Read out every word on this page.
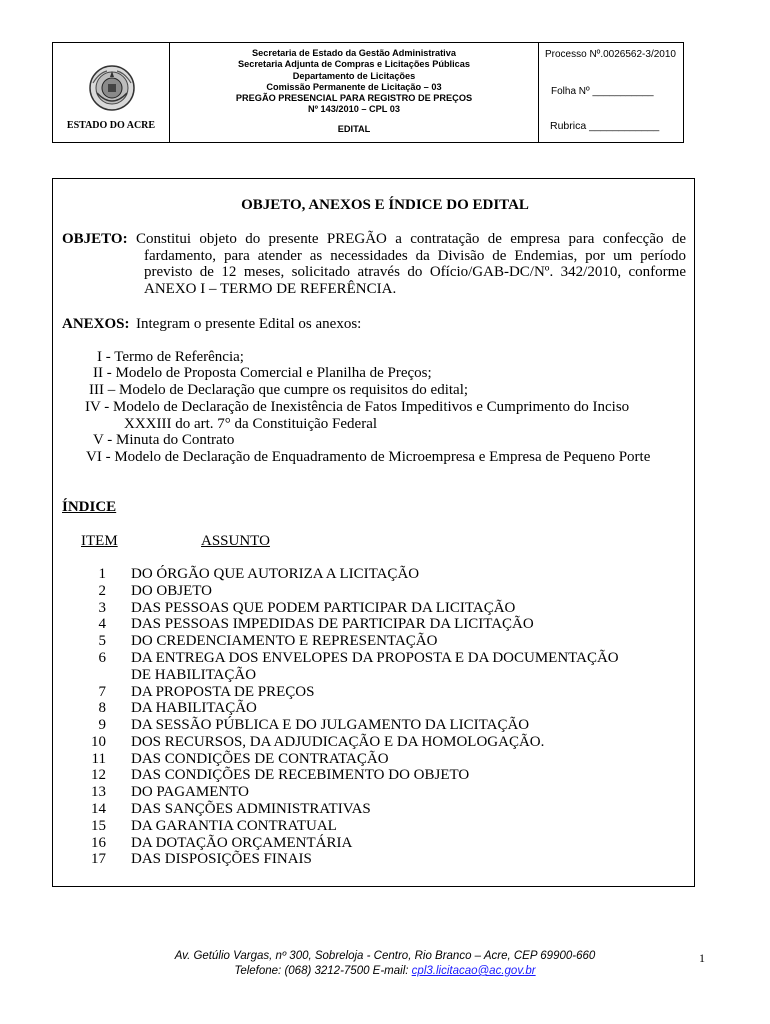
ESTADO DO ACRE
Secretaria de Estado da Gestão Administrativa
Secretaria Adjunta de Compras e Licitações Públicas
Departamento de Licitações
Comissão Permanente de Licitação – 03
PREGÃO PRESENCIAL PARA REGISTRO DE PREÇOS
Nº 143/2010 – CPL 03
EDITAL
Processo Nº.0026562-3/2010
Folha Nº ___________
Rubrica ____________
OBJETO, ANEXOS E ÍNDICE DO EDITAL
OBJETO: Constitui objeto do presente PREGÃO a contratação de empresa para confecção de
fardamento, para atender as necessidades da Divisão de Endemias, por um período
previsto de 12 meses, solicitado através do Ofício/GAB-DC/Nº. 342/2010, conforme
ANEXO I – TERMO DE REFERÊNCIA.
ANEXOS: Integram o presente Edital os anexos:
I - Termo de Referência;
II - Modelo de Proposta Comercial e Planilha de Preços;
III – Modelo de Declaração que cumpre os requisitos do edital;
IV - Modelo de Declaração de Inexistência de Fatos Impeditivos e Cumprimento do Inciso
XXXIII do art. 7° da Constituição Federal
V - Minuta do Contrato
VI - Modelo de Declaração de Enquadramento de Microempresa e Empresa de Pequeno Porte
ÍNDICE
ITEM	ASSUNTO
1 DO ÓRGÃO QUE AUTORIZA A LICITAÇÃO
2 DO OBJETO
3 DAS PESSOAS QUE PODEM PARTICIPAR DA LICITAÇÃO
4 DAS PESSOAS IMPEDIDAS DE PARTICIPAR DA LICITAÇÃO
5 DO CREDENCIAMENTO E REPRESENTAÇÃO
6 DA ENTREGA DOS ENVELOPES DA PROPOSTA E DA DOCUMENTAÇÃO
DE HABILITAÇÃO
7 DA PROPOSTA DE PREÇOS
8 DA HABILITAÇÃO
9 DA SESSÃO PÚBLICA E DO JULGAMENTO DA LICITAÇÃO
10 DOS RECURSOS, DA ADJUDICAÇÃO E DA HOMOLOGAÇÃO.
11 DAS CONDIÇÕES DE CONTRATAÇÃO
12 DAS CONDIÇÕES DE RECEBIMENTO DO OBJETO
13 DO PAGAMENTO
14 DAS SANÇÕES ADMINISTRATIVAS
15 DA GARANTIA CONTRATUAL
16 DA DOTAÇÃO ORÇAMENTÁRIA
17 DAS DISPOSIÇÕES FINAIS
Av. Getúlio Vargas, nº 300, Sobreloja - Centro, Rio Branco – Acre, CEP 69900-660
Telefone: (068) 3212-7500 E-mail: cpl3.licitacao@ac.gov.br
1
